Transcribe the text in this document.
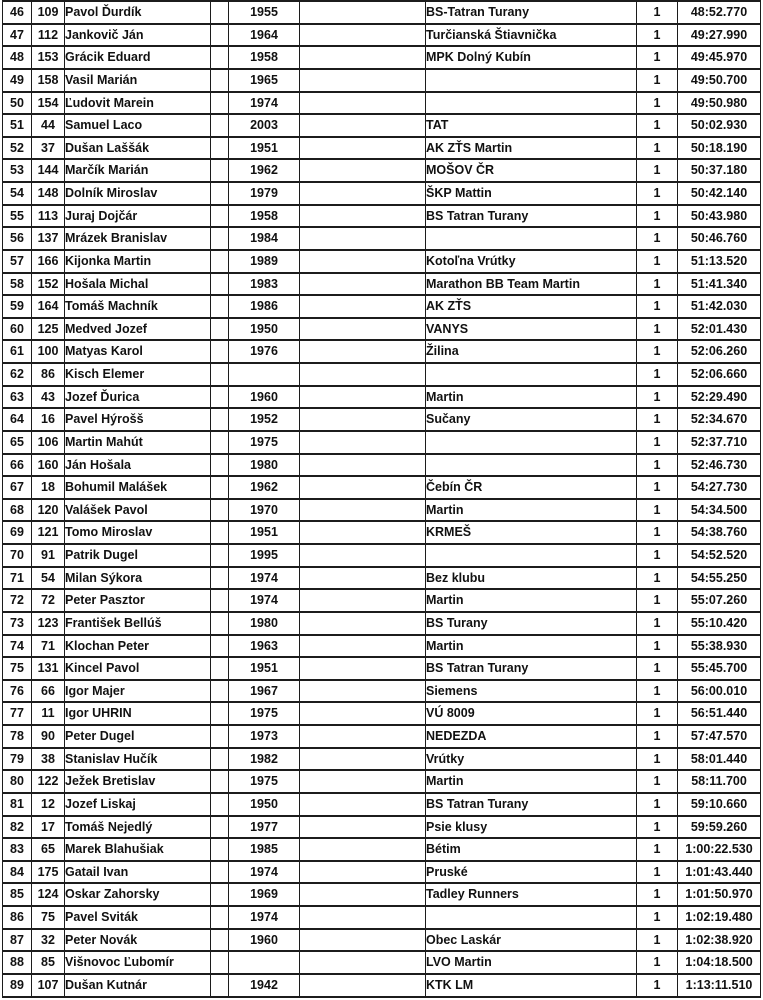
46	109	Pavol Ďurdík		1955		BS-Tatran Turany	1	48:52.770
47	112	Jankovič Ján		1964		Turčianská Štiavnička	1	49:27.990
48	153	Grácik Eduard		1958		MPK Dolný Kubín	1	49:45.970
49	158	Vasil Marián		1965			1	49:50.700
50	154	Ľudovit Marein		1974			1	49:50.980
51	44	Samuel Laco		2003		TAT	1	50:02.930
52	37	Dušan Laššák		1951		AK ZŤS Martin	1	50:18.190
53	144	Marčík Marián		1962		MOŠOV ČR	1	50:37.180
54	148	Dolník Miroslav		1979		ŠKP Mattin	1	50:42.140
55	113	Juraj Dojčár		1958		BS Tatran Turany	1	50:43.980
56	137	Mrázek Branislav		1984			1	50:46.760
57	166	Kijonka Martin		1989		Kotoľna Vrútky	1	51:13.520
58	152	Hošala Michal		1983		Marathon BB Team Martin	1	51:41.340
59	164	Tomáš Machník		1986		AK ZŤS	1	51:42.030
60	125	Medved Jozef		1950		VANYS	1	52:01.430
61	100	Matyas Karol		1976		Žilina	1	52:06.260
62	86	Kisch Elemer					1	52:06.660
63	43	Jozef Ďurica		1960		Martin	1	52:29.490
64	16	Pavel Hýrošš		1952		Sučany	1	52:34.670
65	106	Martin Mahút		1975			1	52:37.710
66	160	Ján Hošala		1980			1	52:46.730
67	18	Bohumil Malášek		1962		Čebín ČR	1	54:27.730
68	120	Valášek Pavol		1970		Martin	1	54:34.500
69	121	Tomo Miroslav		1951		KRMEŠ	1	54:38.760
70	91	Patrik Dugel		1995			1	54:52.520
71	54	Milan Sýkora		1974		Bez klubu	1	54:55.250
72	72	Peter Pasztor		1974		Martin	1	55:07.260
73	123	František Bellúš		1980		BS Turany	1	55:10.420
74	71	Klochan Peter		1963		Martin	1	55:38.930
75	131	Kincel Pavol		1951		BS Tatran Turany	1	55:45.700
76	66	Igor Majer		1967		Siemens	1	56:00.010
77	11	Igor UHRIN		1975		VÚ 8009	1	56:51.440
78	90	Peter Dugel		1973		NEDEZDA	1	57:47.570
79	38	Stanislav Hučík		1982		Vrútky	1	58:01.440
80	122	Ježek Bretislav		1975		Martin	1	58:11.700
81	12	Jozef Liskaj		1950		BS Tatran Turany	1	59:10.660
82	17	Tomáš Nejedlý		1977		Psie klusy	1	59:59.260
83	65	Marek Blahušiak		1985		Bétim	1	1:00:22.530
84	175	Gatail Ivan		1974		Pruské	1	1:01:43.440
85	124	Oskar Zahorsky		1969		Tadley Runners	1	1:01:50.970
86	75	Pavel Sviták		1974			1	1:02:19.480
87	32	Peter Novák		1960		Obec Laskár	1	1:02:38.920
88	85	Višnovoc Ľubomír				LVO Martin	1	1:04:18.500
89	107	Dušan Kutnár		1942		KTK LM	1	1:13:11.510
